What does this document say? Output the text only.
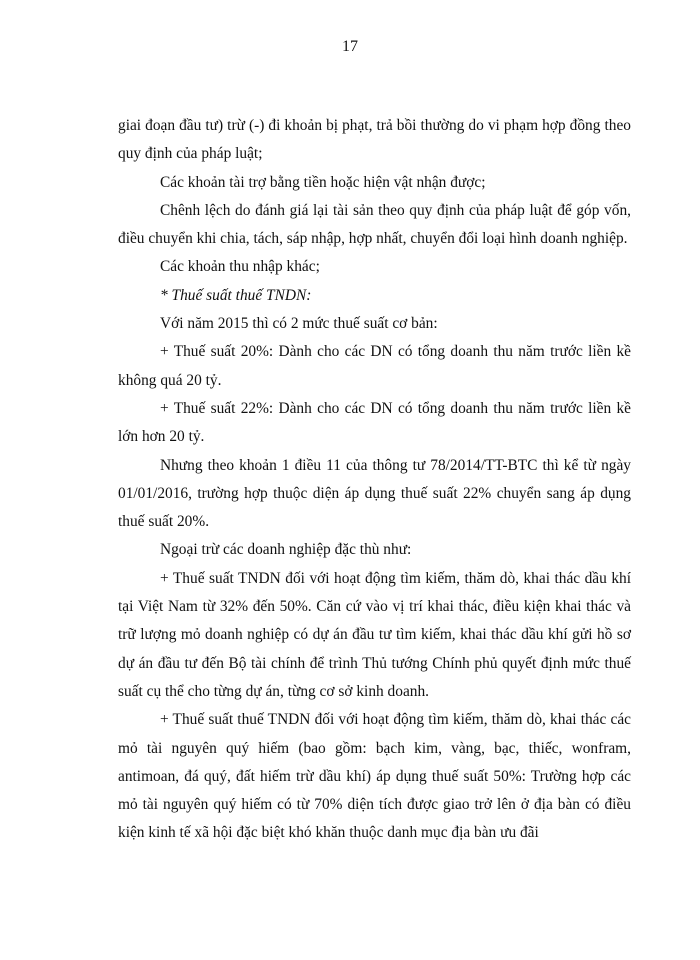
17

giai đoạn đầu tư) trừ (-) đi khoản bị phạt, trả bồi thường do vi phạm hợp đồng theo quy định của pháp luật;

Các khoản tài trợ bằng tiền hoặc hiện vật nhận được;

Chênh lệch do đánh giá lại tài sản theo quy định của pháp luật để góp vốn, điều chuyển khi chia, tách, sáp nhập, hợp nhất, chuyển đổi loại hình doanh nghiệp.

Các khoản thu nhập khác;

* Thuế suất thuế TNDN:

Với năm 2015 thì có 2 mức thuế suất cơ bản:

+ Thuế suất 20%: Dành cho các DN có tổng doanh thu năm trước liền kề không quá 20 tỷ.

+ Thuế suất 22%: Dành cho các DN có tổng doanh thu năm trước liền kề lớn hơn 20 tỷ.

Nhưng theo khoản 1 điều 11 của thông tư 78/2014/TT-BTC thì kể từ ngày 01/01/2016, trường hợp thuộc diện áp dụng thuế suất 22% chuyển sang áp dụng thuế suất 20%.

Ngoại trừ các doanh nghiệp đặc thù như:

+ Thuế suất TNDN đối với hoạt động tìm kiếm, thăm dò, khai thác dầu khí tại Việt Nam từ 32% đến 50%. Căn cứ vào vị trí khai thác, điều kiện khai thác và trữ lượng mỏ doanh nghiệp có dự án đầu tư tìm kiếm, khai thác dầu khí gửi hồ sơ dự án đầu tư đến Bộ tài chính để trình Thủ tướng Chính phủ quyết định mức thuế suất cụ thể cho từng dự án, từng cơ sở kinh doanh.

+ Thuế suất thuế TNDN đối với hoạt động tìm kiếm, thăm dò, khai thác các mỏ tài nguyên quý hiếm (bao gồm: bạch kim, vàng, bạc, thiếc, wonfram, antimoan, đá quý, đất hiếm trừ dầu khí) áp dụng thuế suất 50%: Trường hợp các mỏ tài nguyên quý hiếm có từ 70% diện tích được giao trở lên ở địa bàn có điều kiện kinh tế xã hội đặc biệt khó khăn thuộc danh mục địa bàn ưu đãi
